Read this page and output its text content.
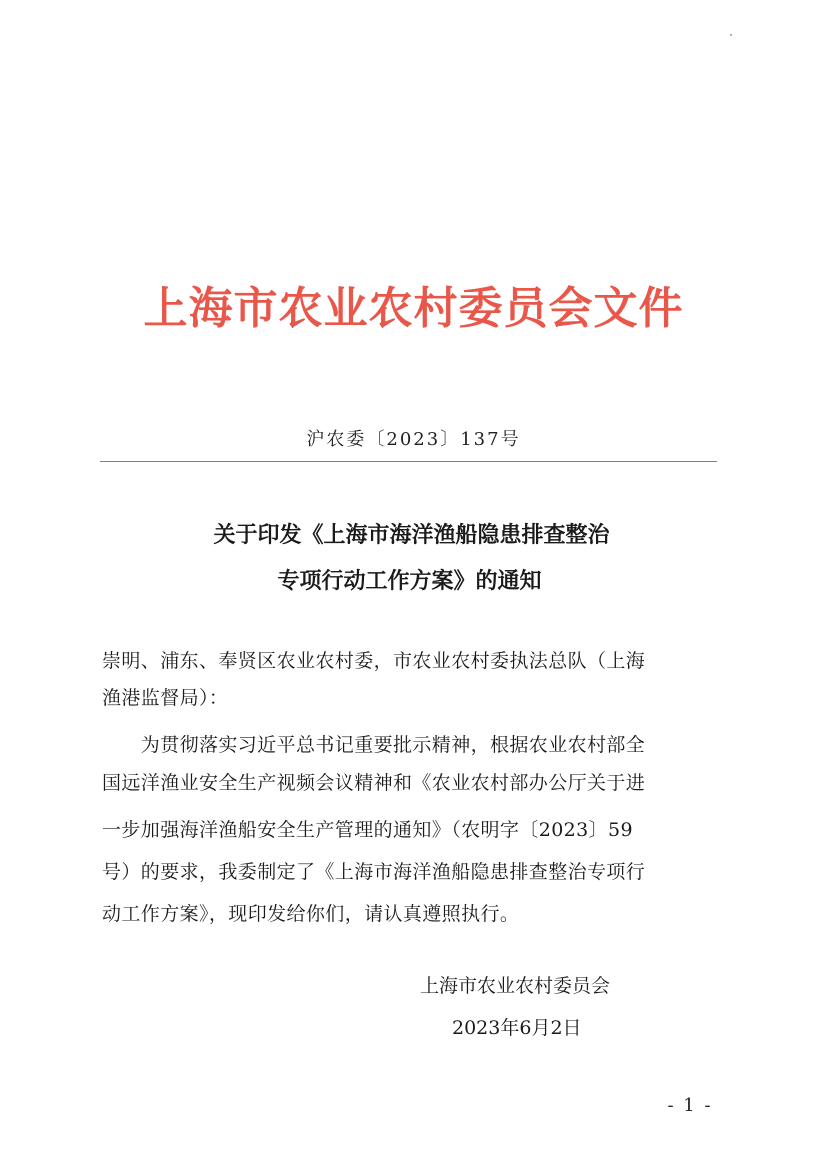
上海市农业农村委员会文件
沪农委〔2023〕137号
关于印发《上海市海洋渔船隐患排查整治
专项行动工作方案》的通知
崇明、浦东、奉贤区农业农村委，市农业农村委执法总队（上海
渔港监督局）：
　　为贯彻落实习近平总书记重要批示精神，根据农业农村部全
国远洋渔业安全生产视频会议精神和《农业农村部办公厅关于进
一步加强海洋渔船安全生产管理的通知》（农明字〔2023〕59
号）的要求，我委制定了《上海市海洋渔船隐患排查整治专项行
动工作方案》，现印发给你们，请认真遵照执行。
上海市农业农村委员会
2023年6月2日
- 1 -
